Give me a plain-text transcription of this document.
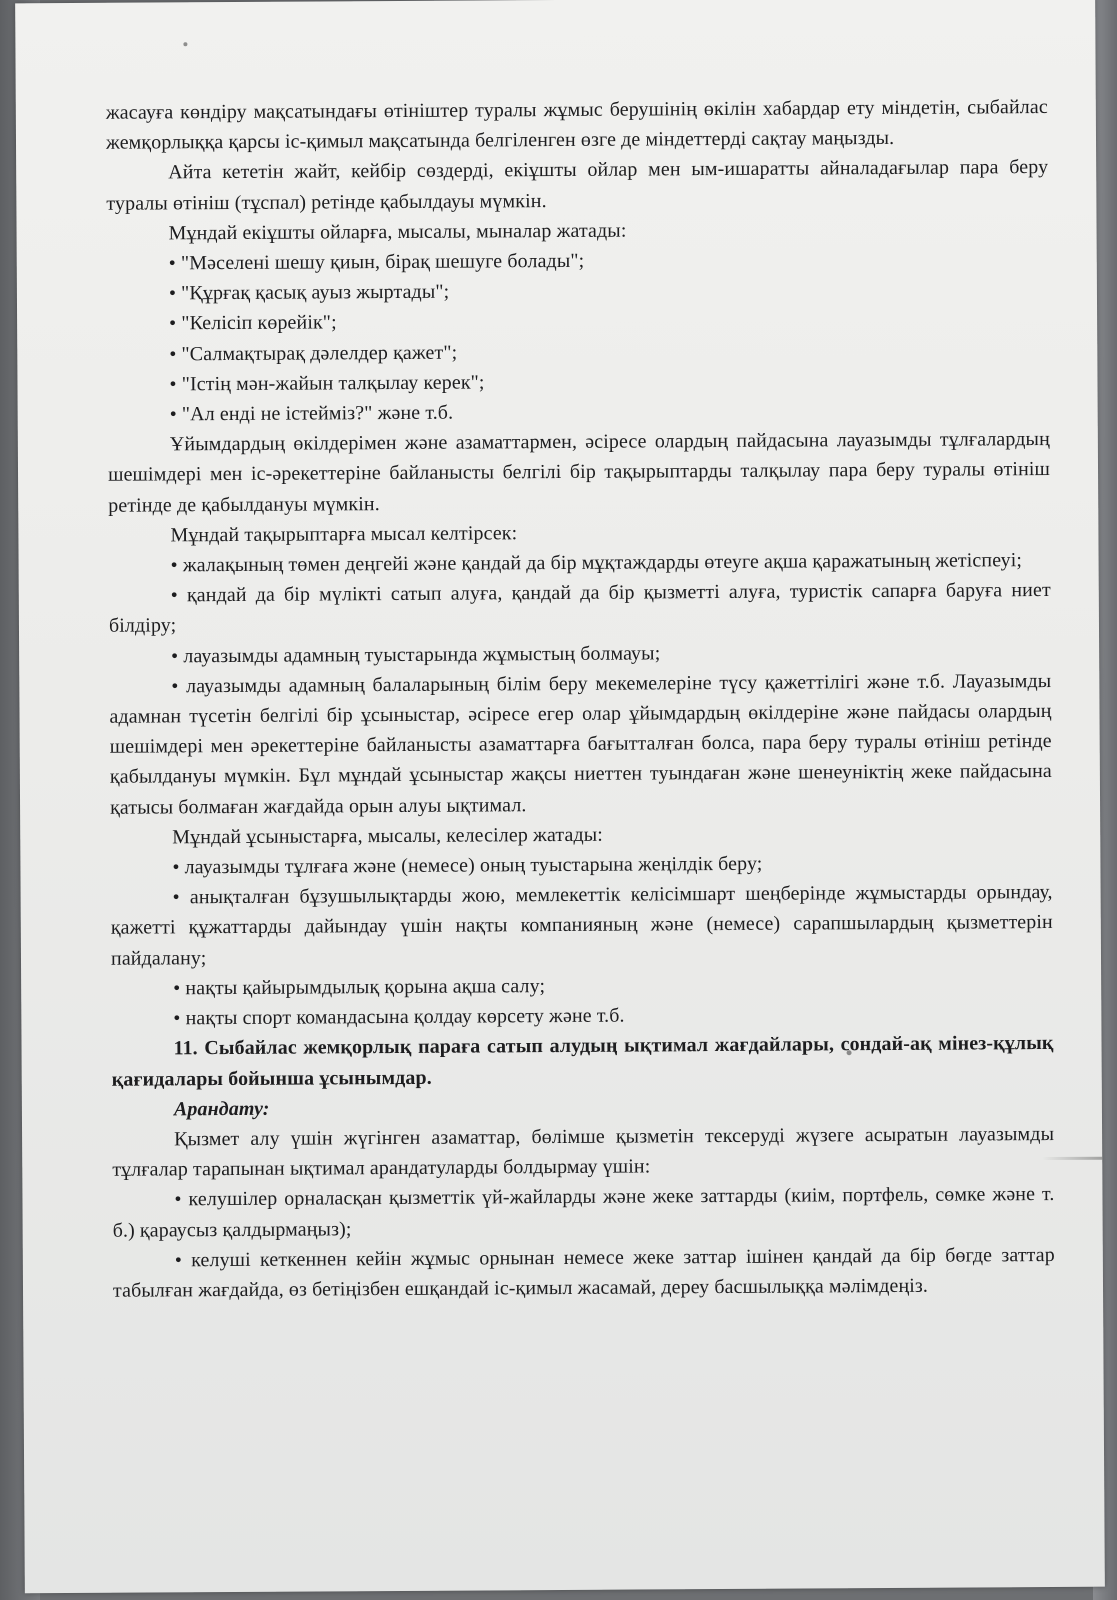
жасауға көндіру мақсатындағы өтініштер туралы жұмыс берушінің өкілін хабардар ету міндетін, сыбайлас жемқорлыққа қарсы іс-қимыл мақсатында белгіленген өзге де міндеттерді сақтау маңызды.

Айта кететін жайт, кейбір сөздерді, екіұшты ойлар мен ым-ишаратты айналадағылар пара беру туралы өтініш (тұспал) ретінде қабылдауы мүмкін.

Мұндай екіұшты ойларға, мысалы, мыналар жатады:

• "Мәселені шешу қиын, бірақ шешуге болады";

• "Құрғақ қасық ауыз жыртады";

• "Келісіп көрейік";

• "Салмақтырақ дәлелдер қажет";

• "Істің мән-жайын талқылау керек";

• "Ал енді не істейміз?" және т.б.

Ұйымдардың өкілдерімен және азаматтармен, әсіресе олардың пайдасына лауазымды тұлғалардың шешімдері мен іс-әрекеттеріне байланысты белгілі бір тақырыптарды талқылау пара беру туралы өтініш ретінде де қабылдануы мүмкін.

Мұндай тақырыптарға мысал келтірсек:

• жалақының төмен деңгейі және қандай да бір мұқтаждарды өтеуге ақша қаражатының жетіспеуі;

• қандай да бір мүлікті сатып алуға, қандай да бір қызметті алуға, туристік сапарға баруға ниет білдіру;

• лауазымды адамның туыстарында жұмыстың болмауы;

• лауазымды адамның балаларының білім беру мекемелеріне түсу қажеттілігі және т.б. Лауазымды адамнан түсетін белгілі бір ұсыныстар, әсіресе егер олар ұйымдардың өкілдеріне және пайдасы олардың шешімдері мен әрекеттеріне байланысты азаматтарға бағытталған болса, пара беру туралы өтініш ретінде қабылдануы мүмкін. Бұл мұндай ұсыныстар жақсы ниеттен туындаған және шенеуніктің жеке пайдасына қатысы болмаған жағдайда орын алуы ықтимал.

Мұндай ұсыныстарға, мысалы, келесілер жатады:

• лауазымды тұлғаға және (немесе) оның туыстарына жеңілдік беру;

• анықталған бұзушылықтарды жою, мемлекеттік келісімшарт шеңберінде жұмыстарды орындау, қажетті құжаттарды дайындау үшін нақты компанияның және (немесе) сарапшылардың қызметтерін пайдалану;

• нақты қайырымдылық қорына ақша салу;

• нақты спорт командасына қолдау көрсету және т.б.

11. Сыбайлас жемқорлық параға сатып алудың ықтимал жағдайлары, сондай-ақ мінез-құлық қағидалары бойынша ұсынымдар.

Арандату:

Қызмет алу үшін жүгінген азаматтар, бөлімше қызметін тексеруді жүзеге асыратын лауазымды тұлғалар тарапынан ықтимал арандатуларды болдырмау үшін:

• келушілер орналасқан қызметтік үй-жайларды және жеке заттарды (киім, портфель, сөмке және т. б.) қараусыз қалдырмаңыз);

• келуші кеткеннен кейін жұмыс орнынан немесе жеке заттар ішінен қандай да бір бөгде заттар табылған жағдайда, өз бетіңізбен ешқандай іс-қимыл жасамай, дереу басшылыққа мәлімдеңіз.
